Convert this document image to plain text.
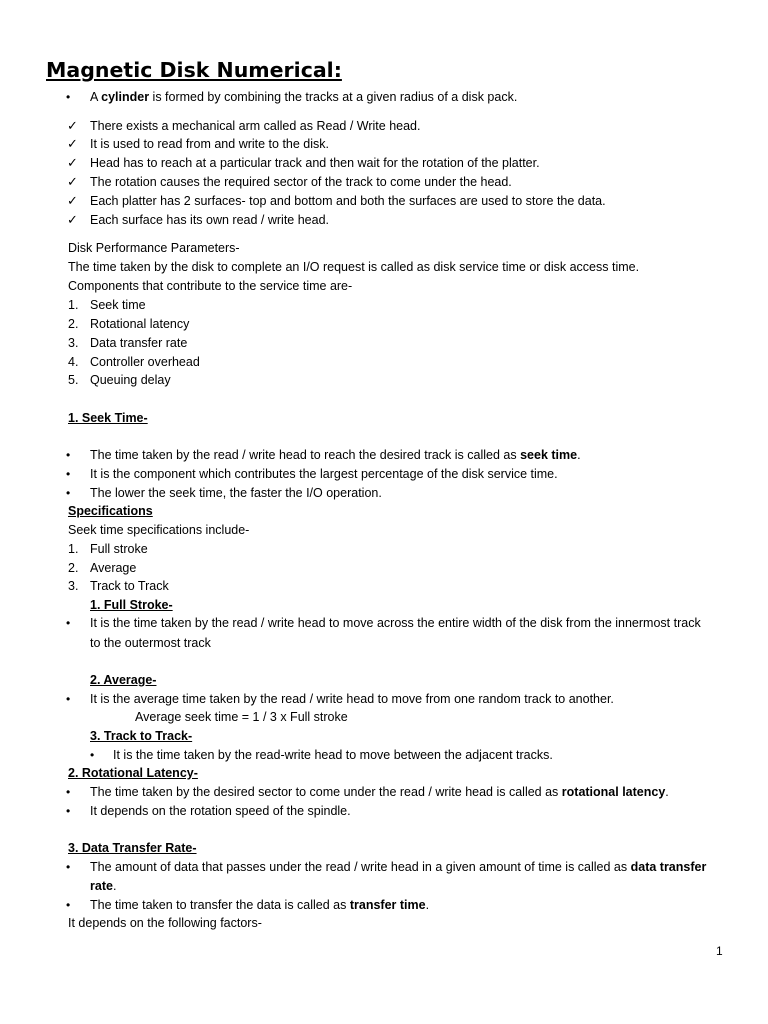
Magnetic Disk Numerical:
• A cylinder is formed by combining the tracks at a given radius of a disk pack.
✓ There exists a mechanical arm called as Read / Write head.
✓ It is used to read from and write to the disk.
✓ Head has to reach at a particular track and then wait for the rotation of the platter.
✓ The rotation causes the required sector of the track to come under the head.
✓ Each platter has 2 surfaces- top and bottom and both the surfaces are used to store the data.
✓ Each surface has its own read / write head.
Disk Performance Parameters-
The time taken by the disk to complete an I/O request is called as disk service time or disk access time.
Components that contribute to the service time are-
1. Seek time
2. Rotational latency
3. Data transfer rate
4. Controller overhead
5. Queuing delay
1. Seek Time-
• The time taken by the read / write head to reach the desired track is called as seek time.
• It is the component which contributes the largest percentage of the disk service time.
• The lower the seek time, the faster the I/O operation.
Specifications
Seek time specifications include-
1. Full stroke
2. Average
3. Track to Track
1. Full Stroke-
• It is the time taken by the read / write head to move across the entire width of the disk from the innermost track
to the outermost track
2. Average-
• It is the average time taken by the read / write head to move from one random track to another.
Average seek time = 1 / 3 x Full stroke
3. Track to Track-
• It is the time taken by the read-write head to move between the adjacent tracks.
2. Rotational Latency-
• The time taken by the desired sector to come under the read / write head is called as rotational latency.
• It depends on the rotation speed of the spindle.
3. Data Transfer Rate-
• The amount of data that passes under the read / write head in a given amount of time is called as data transfer
rate.
• The time taken to transfer the data is called as transfer time.
It depends on the following factors-
1
